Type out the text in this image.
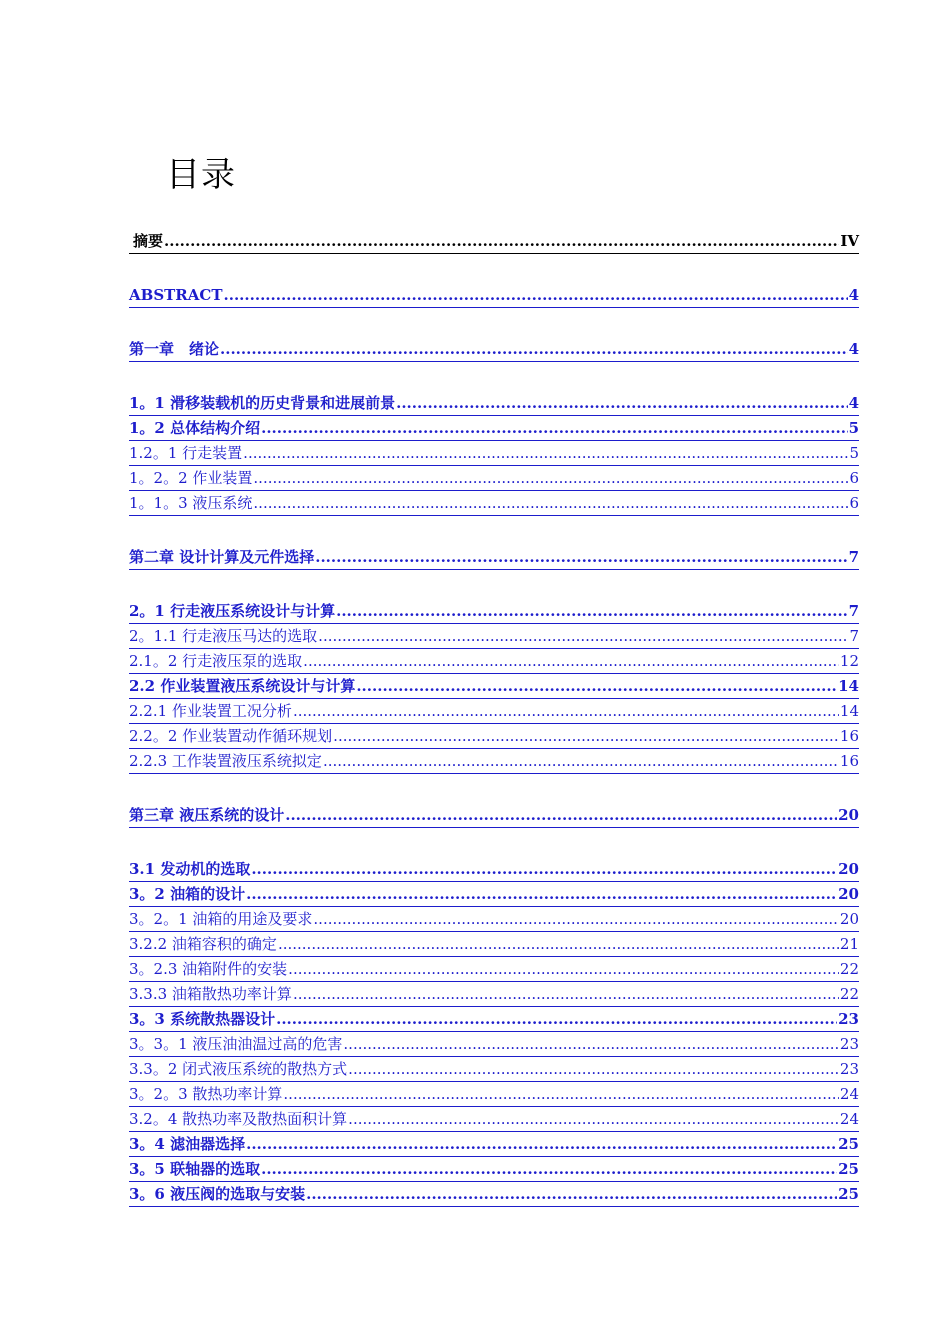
目录
摘要 .....	IV
ABSTRACT .....	4
第一章　绪论 .....	4
1。1 滑移装载机的历史背景和进展前景 .....	4
1。2 总体结构介绍 .....	5
1.2。1 行走装置 .....	5
1。2。2 作业装置 .....	6
1。1。3 液压系统 .....	6
第二章 设计计算及元件选择 .....	7
2。1 行走液压系统设计与计算 .....	7
2。1.1 行走液压马达的选取 .....	7
2.1。2 行走液压泵的选取 .....	12
2.2 作业装置液压系统设计与计算 .....	14
2.2.1 作业装置工况分析 .....	14
2.2。2 作业装置动作循环规划 .....	16
2.2.3 工作装置液压系统拟定 .....	16
第三章 液压系统的设计 .....	20
3.1 发动机的选取 .....	20
3。2 油箱的设计 .....	20
3。2。1 油箱的用途及要求 .....	20
3.2.2 油箱容积的确定 .....	21
3。2.3 油箱附件的安装 .....	22
3.3.3 油箱散热功率计算 .....	22
3。3 系统散热器设计 .....	23
3。3。1 液压油油温过高的危害 .....	23
3.3。2 闭式液压系统的散热方式 .....	23
3。2。3 散热功率计算 .....	24
3.2。4 散热功率及散热面积计算 .....	24
3。4 滤油器选择 .....	25
3。5 联轴器的选取 .....	25
3。6 液压阀的选取与安装 .....	25
